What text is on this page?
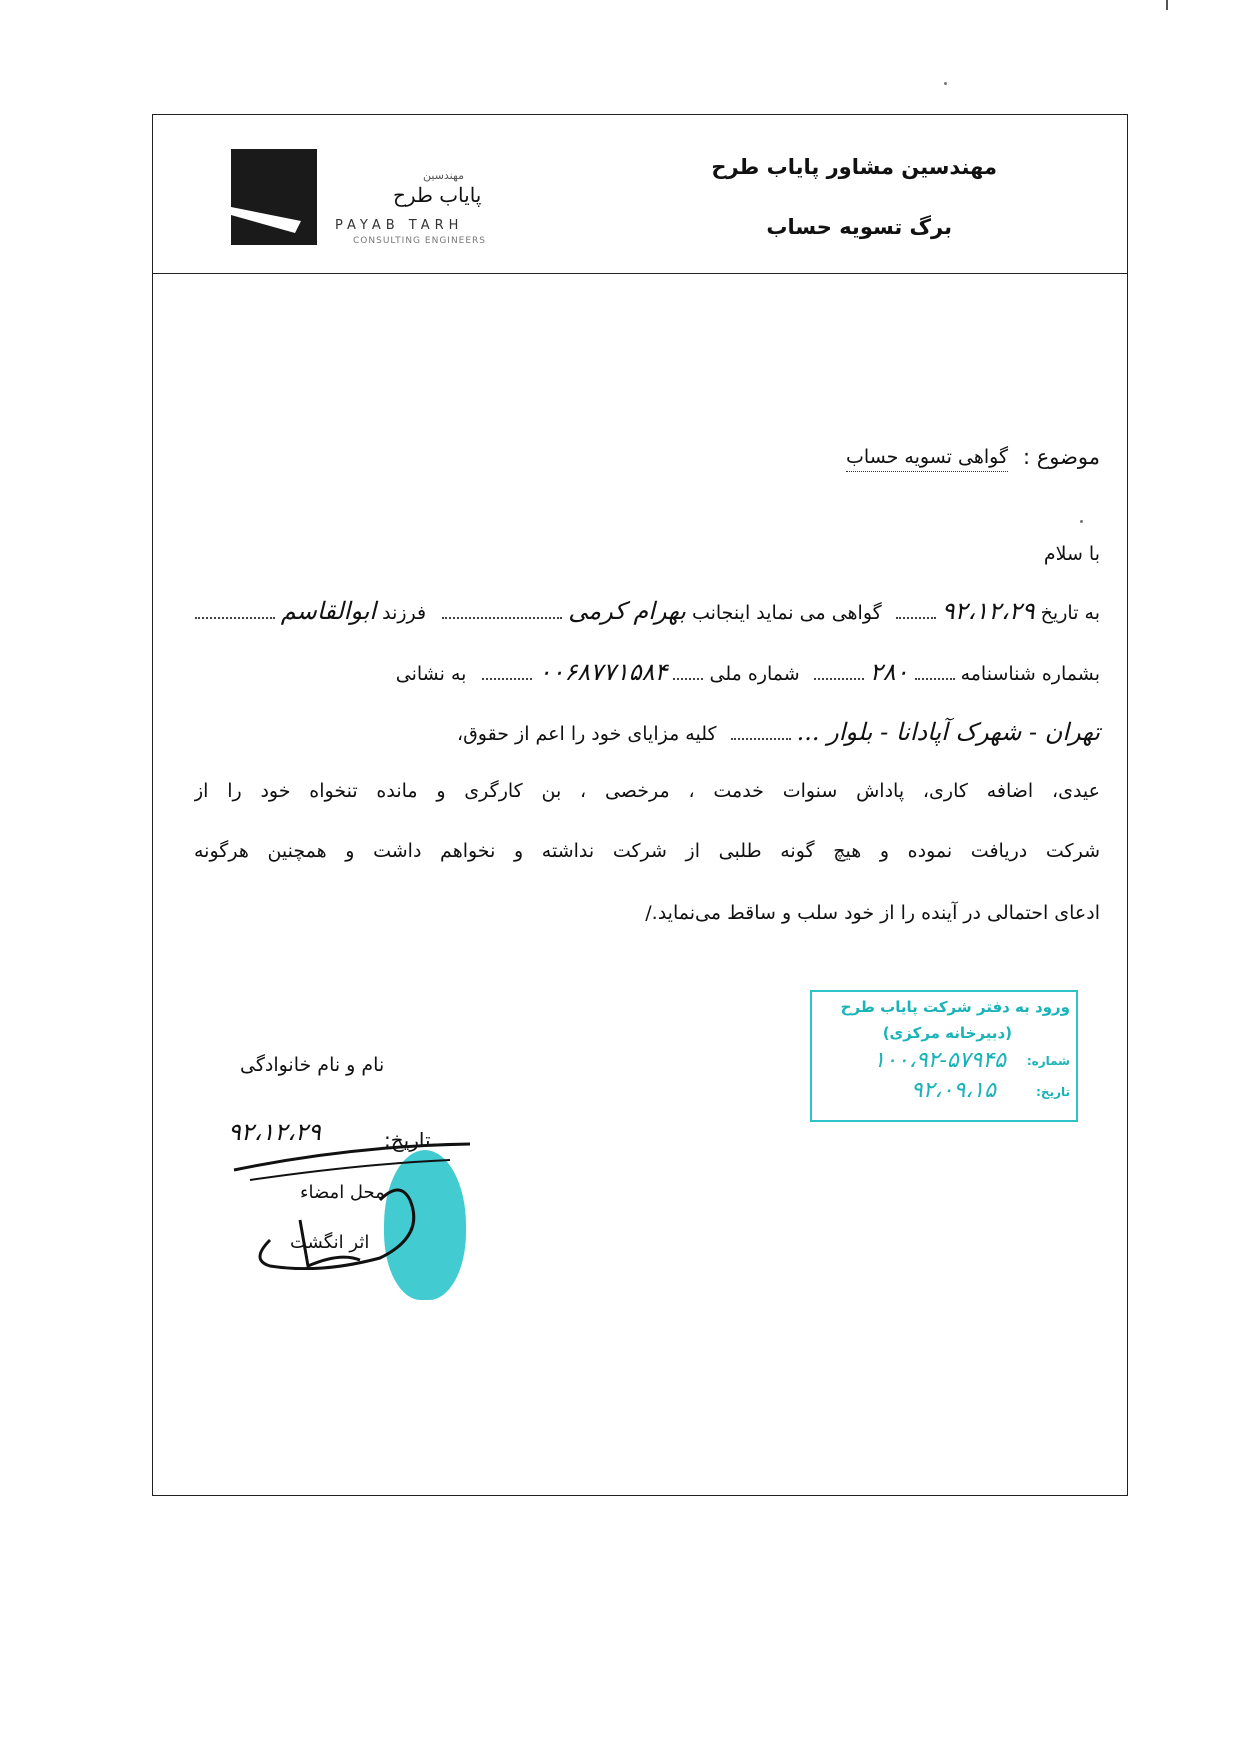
مهندسین مشاور پایاب طرح
برگ تسویه حساب
مهندسین
پایاب طرح
PAYAB TARH
CONSULTING ENGINEERS
موضوع :
گواهی تسویه حساب
با سلام
به تاریخ ۹۲،۱۲،۲۹  گواهی می نماید اینجانب بهرام کرمی  فرزند ابوالقاسم
بشماره شناسنامه  ۲۸۰  شماره ملی  ۰۰۶۸۷۷۱۵۸۴  به نشانی
تهران - شهرک آپادانا - بلوار ...  کلیه مزایای خود را اعم از حقوق،
عیدی، اضافه کاری، پاداش سنوات خدمت ، مرخصی ، بن کارگری و مانده تنخواه خود را از
شرکت دریافت نموده و هیچ گونه طلبی از شرکت نداشته و نخواهم داشت و همچنین هرگونه
ادعای احتمالی در آینده را از خود سلب و ساقط می‌نماید./
ورود به دفتر شرکت پایاب طرح
(دبیرخانه مرکزی)
شماره:
۱۰۰،۹۲-۵۷۹۴۵
تاریخ:
۹۲،۰۹،۱۵
نام و نام خانوادگی
تاریخ:
۹۲،۱۲،۲۹
محل امضاء
اثر انگشت
